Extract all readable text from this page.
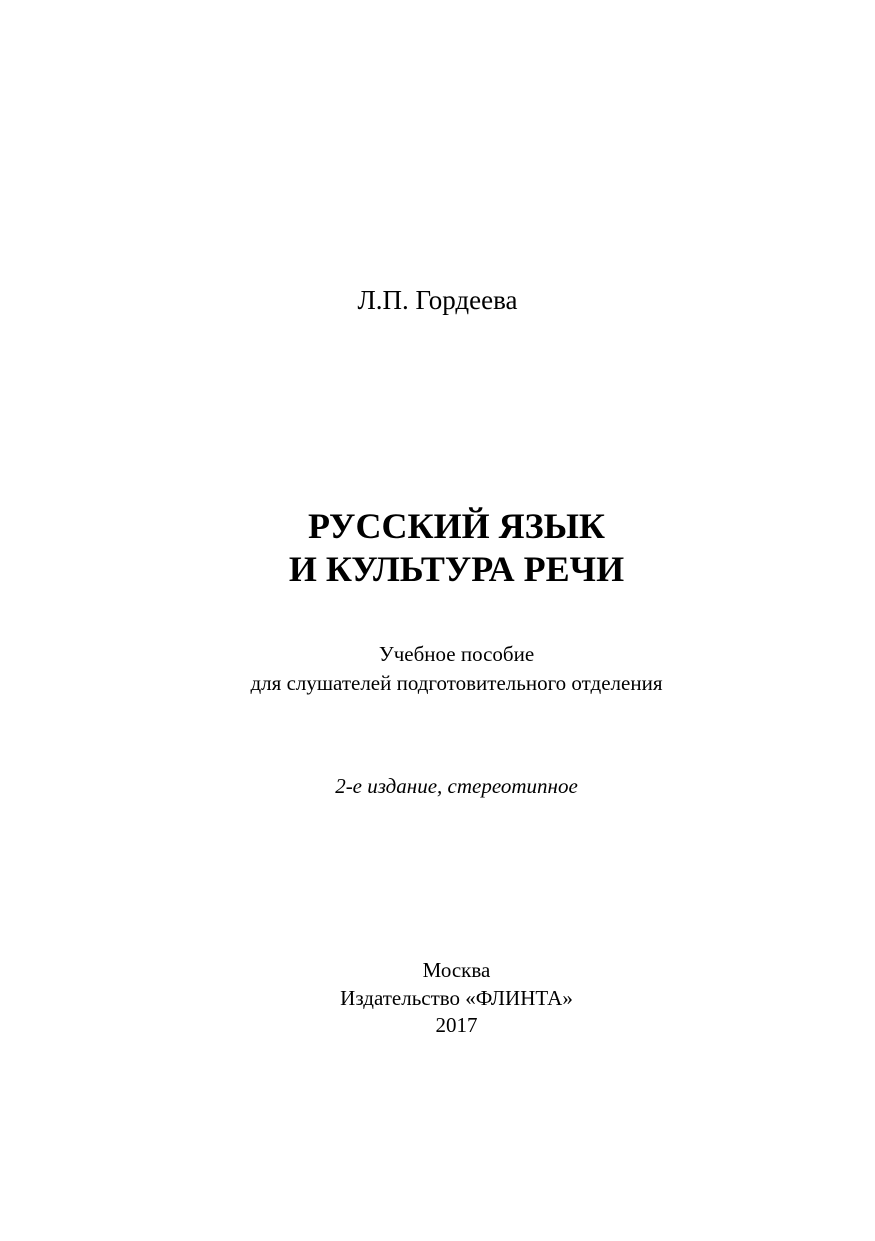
Л.П. Гордеева
РУССКИЙ ЯЗЫК
И КУЛЬТУРА РЕЧИ
Учебное пособие
для слушателей подготовительного отделения
2-е издание, стереотипное
Москва
Издательство «ФЛИНТА»
2017
